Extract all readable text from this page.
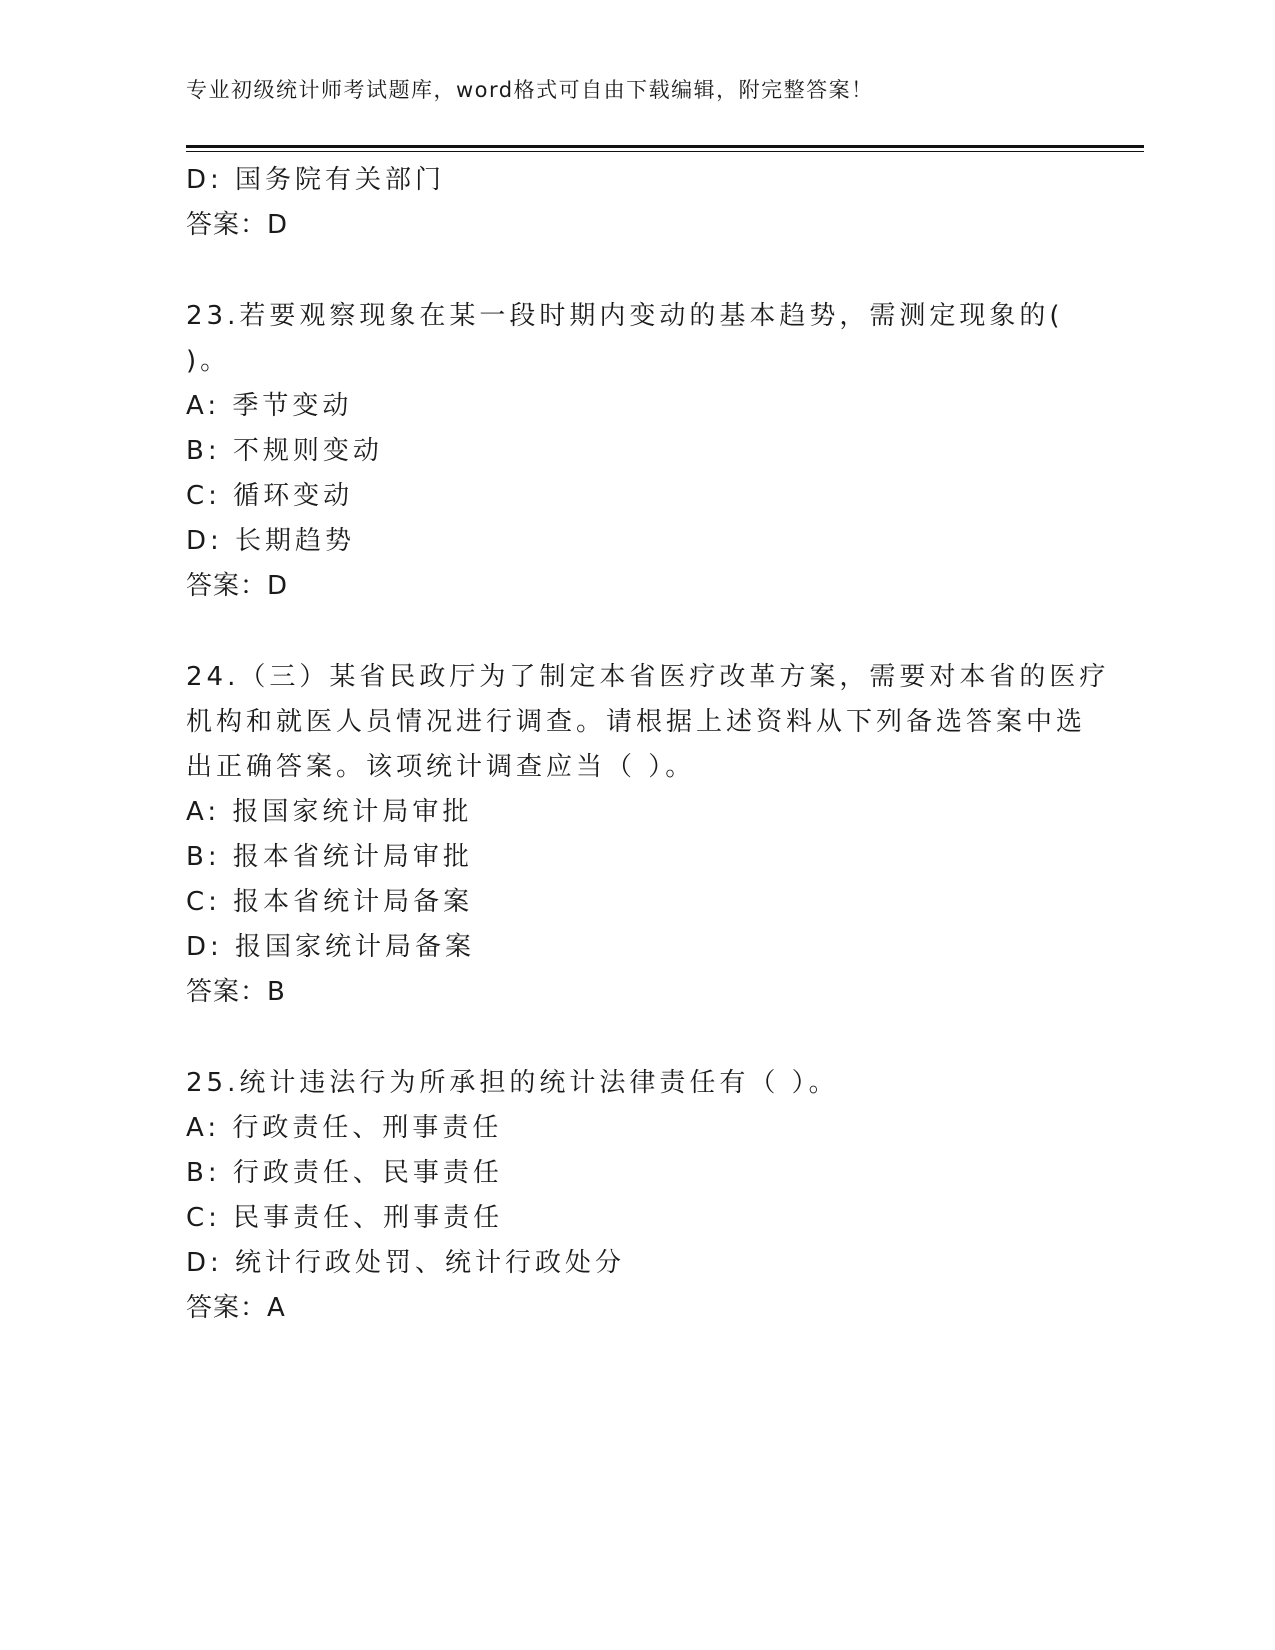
专业初级统计师考试题库，word格式可自由下载编辑，附完整答案！
D: 国务院有关部门
答案：D
23.若要观察现象在某一段时期内变动的基本趋势，需测定现象的(
)。
A: 季节变动
B: 不规则变动
C: 循环变动
D: 长期趋势
答案：D
24.（三）某省民政厅为了制定本省医疗改革方案，需要对本省的医疗
机构和就医人员情况进行调查。请根据上述资料从下列备选答案中选
出正确答案。该项统计调查应当（ ）。
A: 报国家统计局审批
B: 报本省统计局审批
C: 报本省统计局备案
D: 报国家统计局备案
答案：B
25.统计违法行为所承担的统计法律责任有（ ）。
A: 行政责任、刑事责任
B: 行政责任、民事责任
C: 民事责任、刑事责任
D: 统计行政处罚、统计行政处分
答案：A
